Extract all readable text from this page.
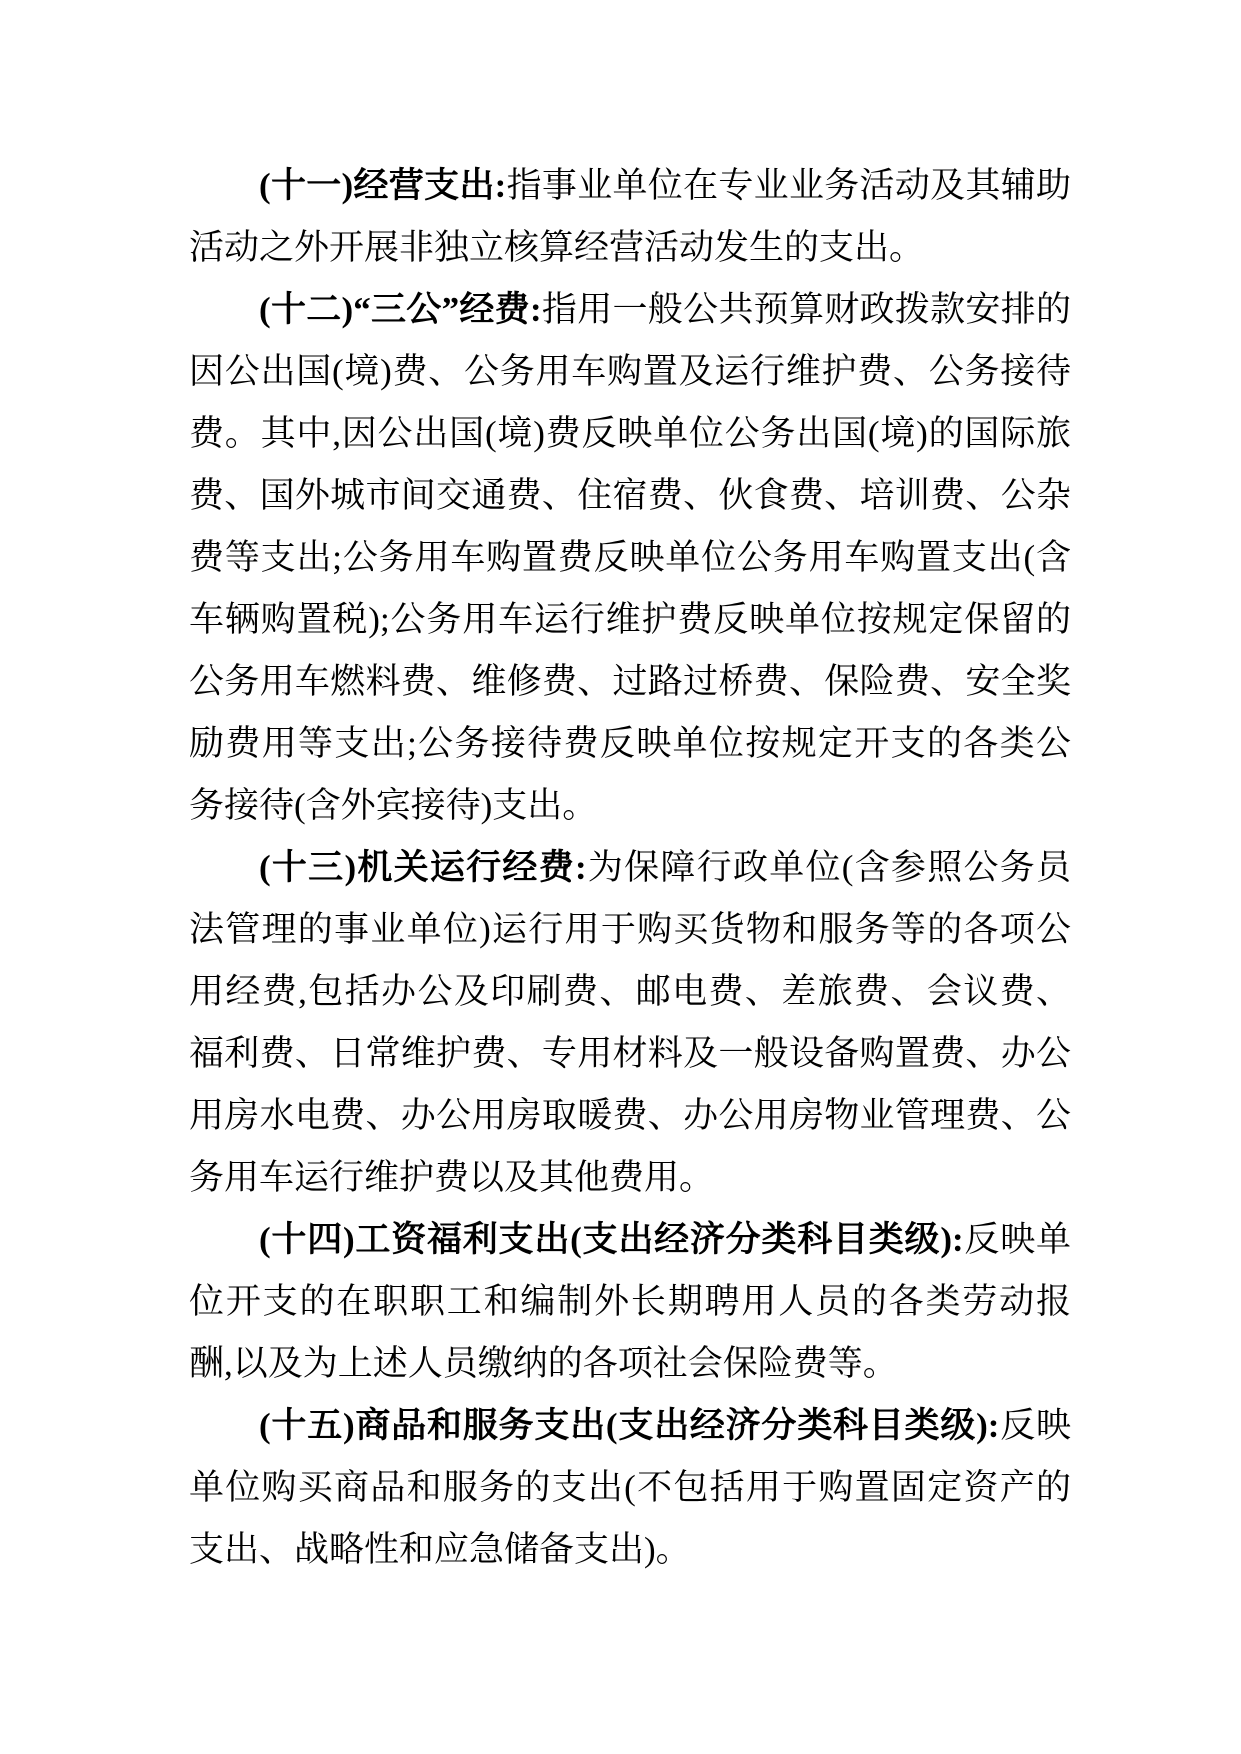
(十一)经营支出:指事业单位在专业业务活动及其辅助活动之外开展非独立核算经营活动发生的支出。

(十二)“三公”经费:指用一般公共预算财政拨款安排的因公出国(境)费、公务用车购置及运行维护费、公务接待费。其中,因公出国(境)费反映单位公务出国(境)的国际旅费、国外城市间交通费、住宿费、伙食费、培训费、公杂费等支出;公务用车购置费反映单位公务用车购置支出(含车辆购置税);公务用车运行维护费反映单位按规定保留的公务用车燃料费、维修费、过路过桥费、保险费、安全奖励费用等支出;公务接待费反映单位按规定开支的各类公务接待(含外宾接待)支出。

(十三)机关运行经费:为保障行政单位(含参照公务员法管理的事业单位)运行用于购买货物和服务等的各项公用经费,包括办公及印刷费、邮电费、差旅费、会议费、福利费、日常维护费、专用材料及一般设备购置费、办公用房水电费、办公用房取暖费、办公用房物业管理费、公务用车运行维护费以及其他费用。

(十四)工资福利支出(支出经济分类科目类级):反映单位开支的在职职工和编制外长期聘用人员的各类劳动报酬,以及为上述人员缴纳的各项社会保险费等。

(十五)商品和服务支出(支出经济分类科目类级):反映单位购买商品和服务的支出(不包括用于购置固定资产的支出、战略性和应急储备支出)。
